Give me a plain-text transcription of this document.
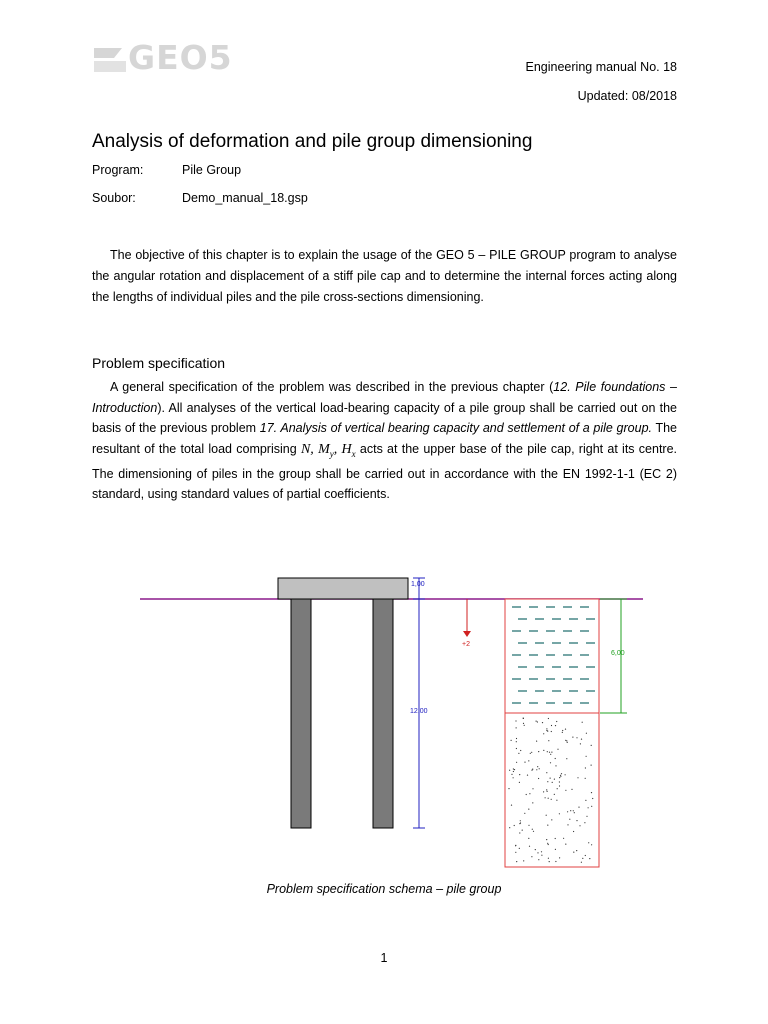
GEO5	Engineering manual No. 18
Updated: 08/2018
Analysis of deformation and pile group dimensioning
Program:	Pile Group
Soubor:	Demo_manual_18.gsp

The objective of this chapter is to explain the usage of the GEO 5 – PILE GROUP program to analyse the angular rotation and displacement of a stiff pile cap and to determine the internal forces acting along the lengths of individual piles and the pile cross-sections dimensioning.

Problem specification

A general specification of the problem was described in the previous chapter (12. Pile foundations – Introduction). All analyses of the vertical load-bearing capacity of a pile group shall be carried out on the basis of the previous problem 17. Analysis of vertical bearing capacity and settlement of a pile group. The resultant of the total load comprising N, $M_y$, $H_x$ acts at the upper base of the pile cap, right at its centre. The dimensioning of piles in the group shall be carried out in accordance with the EN 1992-1-1 (EC 2) standard, using standard values of partial coefficients.

1,00
12,00
+2
6,00
Problem specification schema – pile group
1
